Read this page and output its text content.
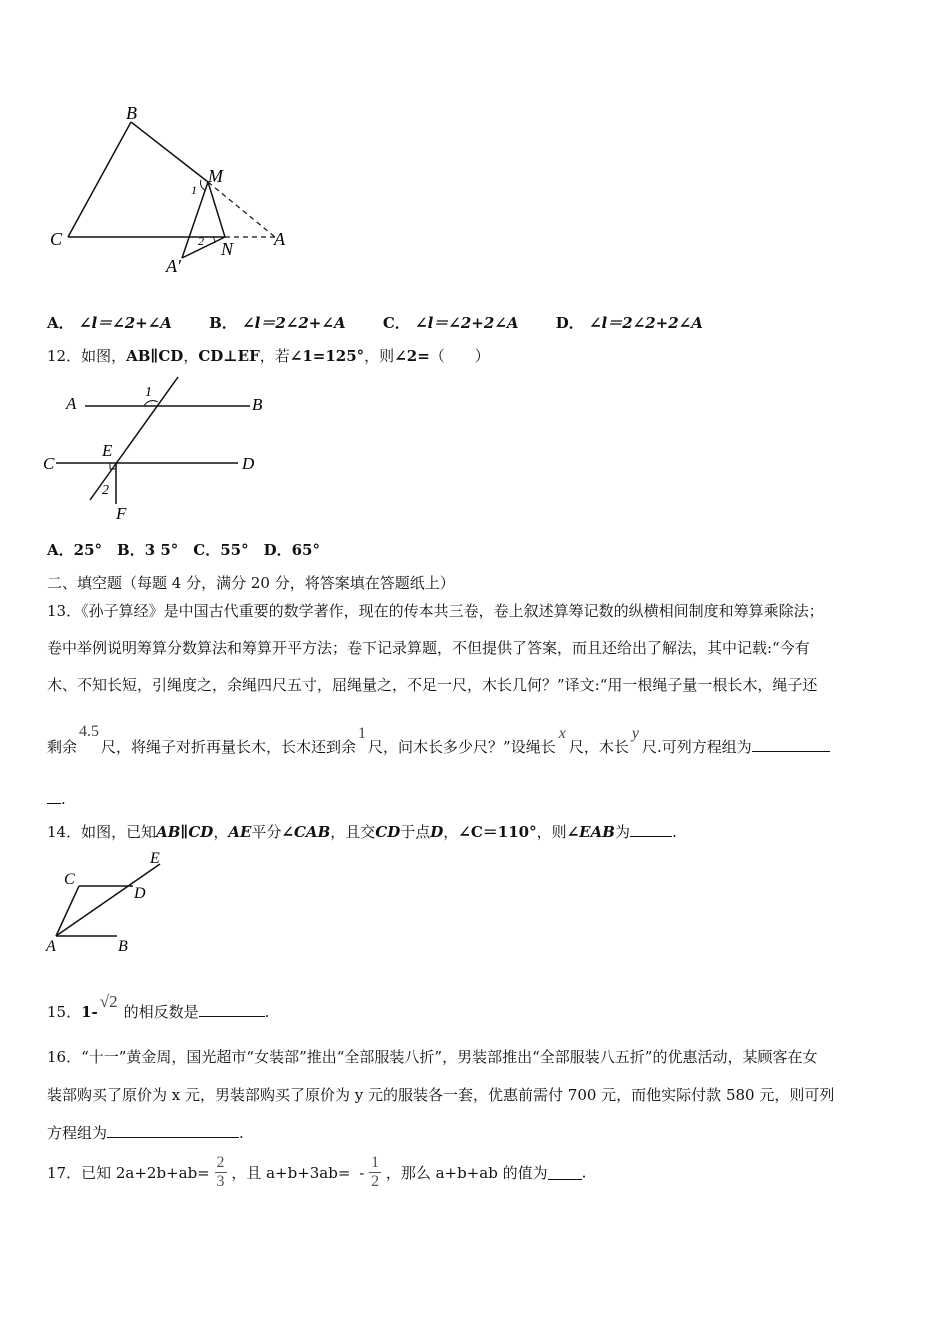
B
M
1
C	2 N A
A′
A． ∠l＝∠2+∠A B． ∠l＝2∠2+∠A C． ∠l＝∠2+2∠A D． ∠l＝2∠2+2∠A
12．如图，AB∥CD，CD⊥EF，若∠1=125°，则∠2=（　　）
A	B
1
E
C	D
2
F
A．25°　B．3 5°　C．55°　D．65°
二、填空题（每题 4 分，满分 20 分，将答案填在答题纸上）
13．《孙子算经》是中国古代重要的数学著作，现在的传本共三卷，卷上叙述算筹记数的纵横相间制度和筹算乘除法；
卷中举例说明筹算分数算法和筹算开平方法；卷下记录算题，不但提供了答案，而且还给出了解法，其中记载:“今有
木、不知长短，引绳度之，余绳四尺五寸，屈绳量之，不足一尺，木长几何？”译文:“用一根绳子量一根长木，绳子还
剩余4.5尺，将绳子对折再量长木，长木还到余1尺，问木长多少尺？”设绳长x尺，木长y尺.可列方程组为
.
14．如图，已知AB∥CD，AE平分∠CAB，且交CD于点D，∠C＝110°，则∠EAB为	.
E
C
D
A	B
15．1-√2的相反数是	.
16．“十一”黄金周，国光超市“女装部”推出“全部服装八折”，男装部推出“全部服装八五折”的优惠活动，某顾客在女
装部购买了原价为 x 元，男装部购买了原价为 y 元的服装各一套，优惠前需付 700 元，而他实际付款 580 元，则可列
方程组为	.
17．已知 $2a+2b+ab= \frac{2}{3}$ ，且 $a+b+3ab= - \frac{1}{2}$ ，那么 a+b+ab 的值为 .
